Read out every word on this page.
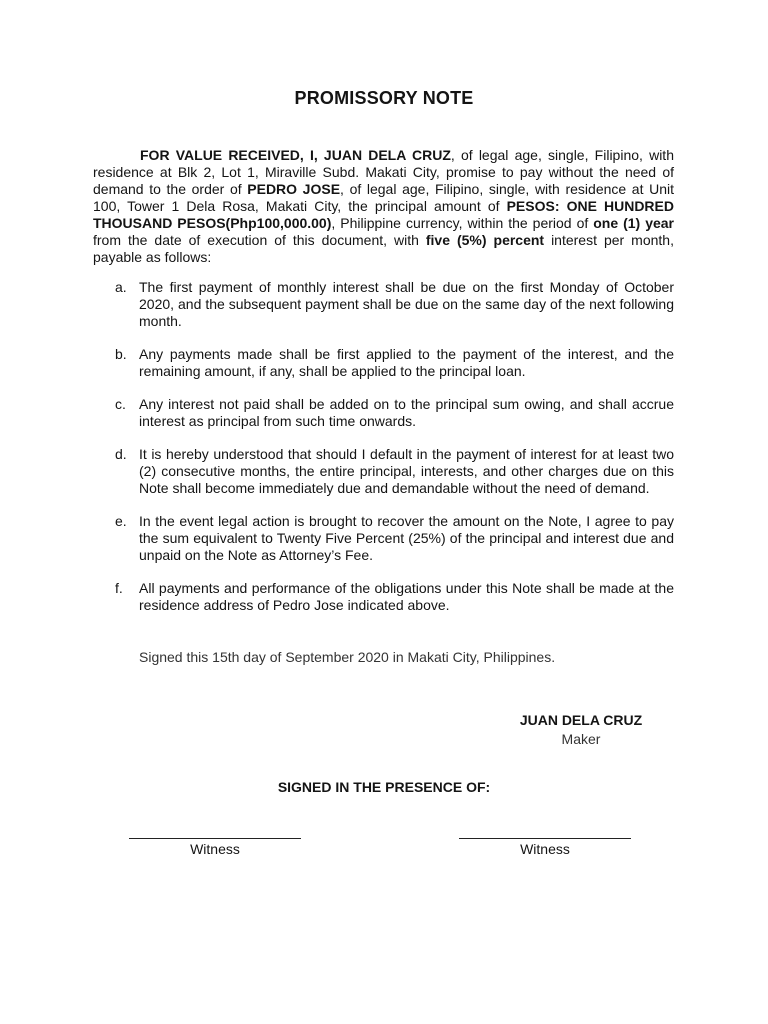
PROMISSORY NOTE

FOR VALUE RECEIVED, I, JUAN DELA CRUZ, of legal age, single, Filipino, with residence at Blk 2, Lot 1, Miraville Subd. Makati City, promise to pay without the need of demand to the order of PEDRO JOSE, of legal age, Filipino, single, with residence at Unit 100, Tower 1 Dela Rosa, Makati City, the principal amount of PESOS: ONE HUNDRED THOUSAND PESOS(Php100,000.00), Philippine currency, within the period of one (1) year from the date of execution of this document, with five (5%) percent interest per month, payable as follows:

a. The first payment of monthly interest shall be due on the first Monday of October 2020, and the subsequent payment shall be due on the same day of the next following month.
b. Any payments made shall be first applied to the payment of the interest, and the remaining amount, if any, shall be applied to the principal loan.
c. Any interest not paid shall be added on to the principal sum owing, and shall accrue interest as principal from such time onwards.
d. It is hereby understood that should I default in the payment of interest for at least two (2) consecutive months, the entire principal, interests, and other charges due on this Note shall become immediately due and demandable without the need of demand.
e. In the event legal action is brought to recover the amount on the Note, I agree to pay the sum equivalent to Twenty Five Percent (25%) of the principal and interest due and unpaid on the Note as Attorney’s Fee.
f. All payments and performance of the obligations under this Note shall be made at the residence address of Pedro Jose indicated above.
Signed this 15th day of September 2020 in Makati City, Philippines.
JUAN DELA CRUZ
Maker
SIGNED IN THE PRESENCE OF:
Witness	Witness
